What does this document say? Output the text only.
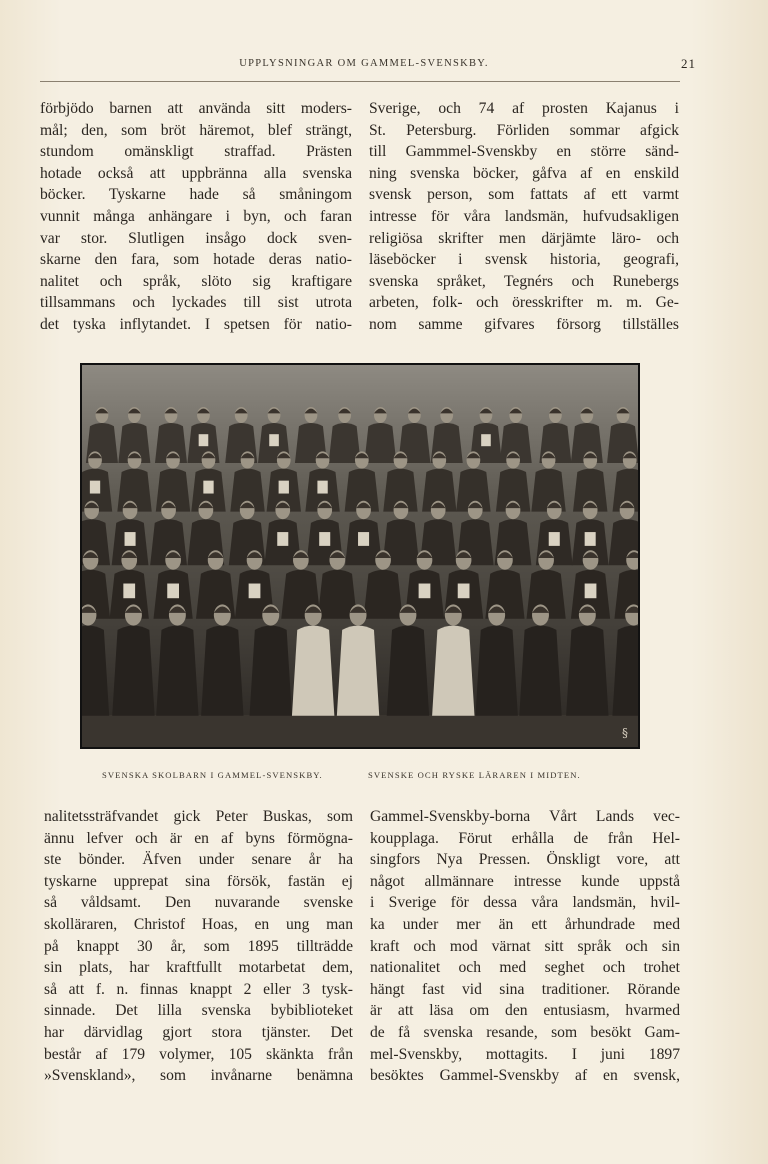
UPPLYSNINGAR OM GAMMEL-SVENSKBY.	21
förbjödo barnen att använda sitt moders-
mål; den, som bröt häremot, blef strängt,
stundom omänskligt straffad. Prästen
hotade också att uppbränna alla svenska
böcker. Tyskarne hade så småningom
vunnit många anhängare i byn, och faran
var stor. Slutligen insågo dock sven-
skarne den fara, som hotade deras natio-
nalitet och språk, slöto sig kraftigare
tillsammans och lyckades till sist utrota
det tyska inflytandet. I spetsen för natio-
Sverige, och 74 af prosten Kajanus i
St. Petersburg. Förliden sommar afgick
till Gammmel-Svenskby en större sänd-
ning svenska böcker, gåfva af en enskild
svensk person, som fattats af ett varmt
intresse för våra landsmän, hufvudsakligen
religiösa skrifter men därjämte läro- och
läseböcker i svensk historia, geografi,
svenska språket, Tegnérs och Runebergs
arbeten, folk- och öresskrifter m. m. Ge-
nom samme gifvares försorg tillställes
§
SVENSKA SKOLBARN I GAMMEL-SVENSKBY.	SVENSKE OCH RYSKE LÄRAREN I MIDTEN.
nalitetssträfvandet gick Peter Buskas, som
ännu lefver och är en af byns förmögna-
ste bönder. Äfven under senare år ha
tyskarne upprepat sina försök, fastän ej
så våldsamt. Den nuvarande svenske
skolläraren, Christof Hoas, en ung man
på knappt 30 år, som 1895 tillträdde
sin plats, har kraftfullt motarbetat dem,
så att f. n. finnas knappt 2 eller 3 tysk-
sinnade. Det lilla svenska bybiblioteket
har därvidlag gjort stora tjänster. Det
består af 179 volymer, 105 skänkta från
»Svenskland», som invånarne benämna
Gammel-Svenskby-borna Vårt Lands vec-
koupplaga. Förut erhålla de från Hel-
singfors Nya Pressen. Önskligt vore, att
något allmännare intresse kunde uppstå
i Sverige för dessa våra landsmän, hvil-
ka under mer än ett århundrade med
kraft och mod värnat sitt språk och sin
nationalitet och med seghet och trohet
hängt fast vid sina traditioner. Rörande
är att läsa om den entusiasm, hvarmed
de få svenska resande, som besökt Gam-
mel-Svenskby, mottagits. I juni 1897
besöktes Gammel-Svenskby af en svensk,
